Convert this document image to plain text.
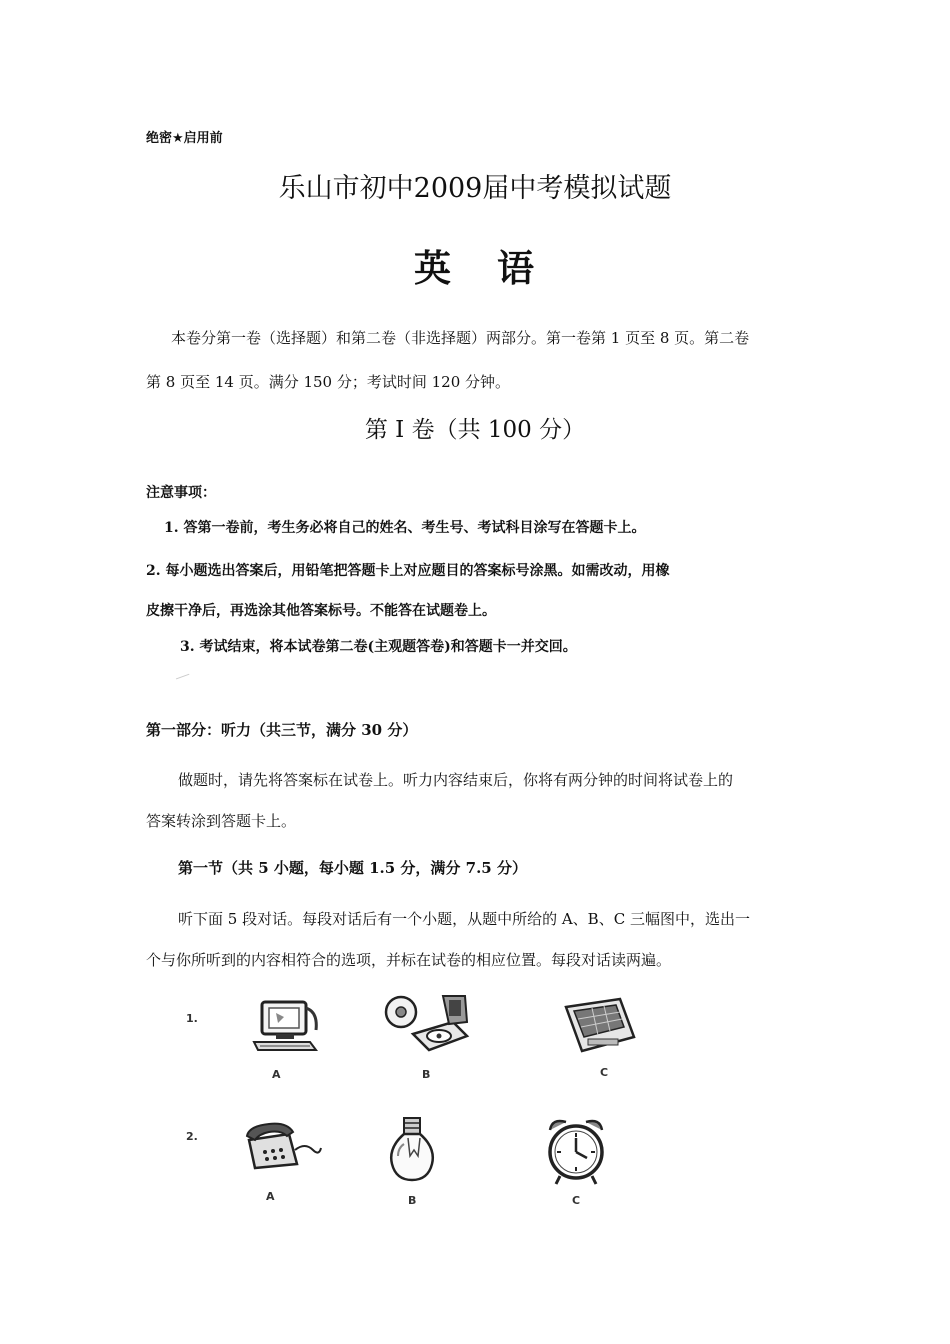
绝密★启用前
乐山市初中2009届中考模拟试题
英 语
本卷分第一卷（选择题）和第二卷（非选择题）两部分。第一卷第 1 页至 8 页。第二卷
第 8 页至 14 页。满分 150 分；考试时间 120 分钟。
第 I 卷（共 100 分）
注意事项：
1. 答第一卷前，考生务必将自己的姓名、考生号、考试科目涂写在答题卡上。
2. 每小题选出答案后，用铅笔把答题卡上对应题目的答案标号涂黑。如需改动，用橡
皮擦干净后，再选涂其他答案标号。不能答在试题卷上。
3. 考试结束，将本试卷第二卷(主观题答卷)和答题卡一并交回。
第一部分：听力（共三节，满分 30 分）
做题时，请先将答案标在试卷上。听力内容结束后，你将有两分钟的时间将试卷上的
答案转涂到答题卡上。
第一节（共 5 小题，每小题 1.5 分，满分 7.5 分）
听下面 5 段对话。每段对话后有一个小题，从题中所给的 A、B、C 三幅图中，选出一
个与你所听到的内容相符合的选项，并标在试卷的相应位置。每段对话读两遍。
1.
A	B	C
2.
A	B	C
